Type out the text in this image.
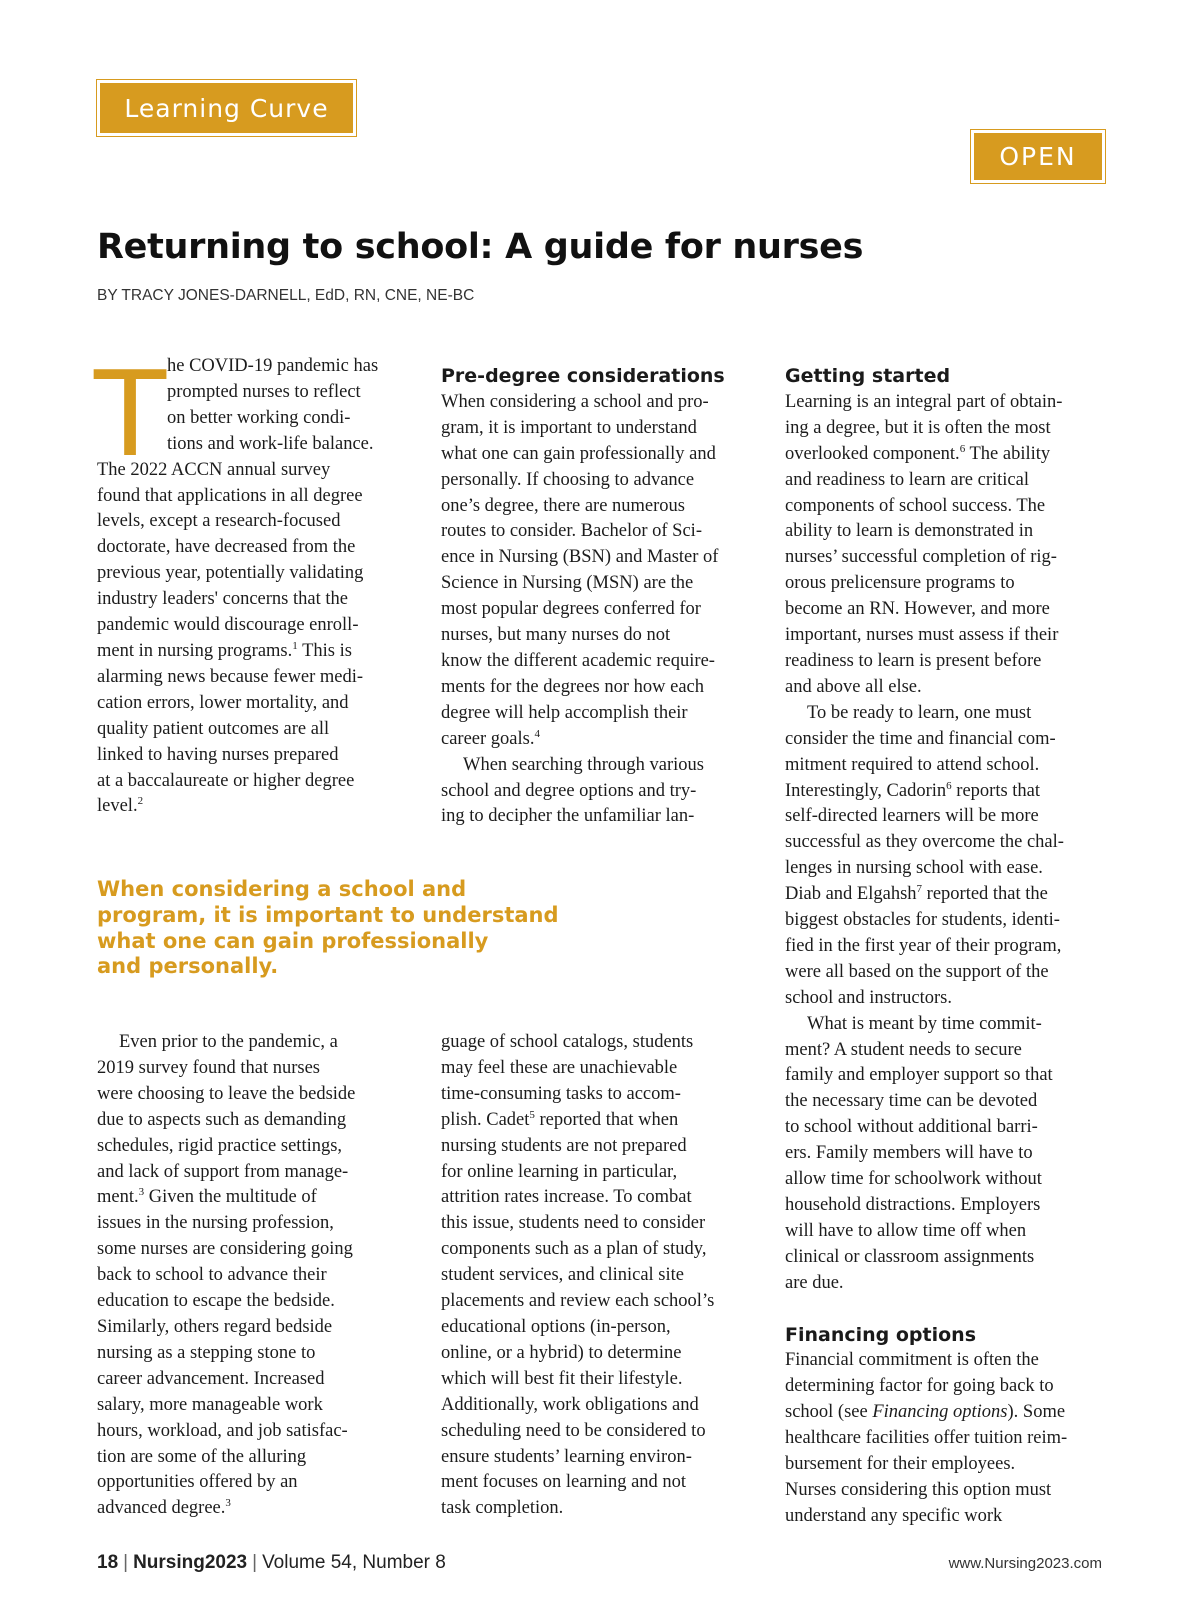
Learning Curve
OPEN
Returning to school: A guide for nurses
BY TRACY JONES-DARNELL, EdD, RN, CNE, NE-BC
T he COVID-19 pandemic has
prompted nurses to reflect
on better working condi-
tions and work-life balance.
The 2022 ACCN annual survey
found that applications in all degree
levels, except a research-focused
doctorate, have decreased from the
previous year, potentially validating
industry leaders' concerns that the
pandemic would discourage enroll-
ment in nursing programs.$^1$ This is
alarming news because fewer medi-
cation errors, lower mortality, and
quality patient outcomes are all
linked to having nurses prepared
at a baccalaureate or higher degree
level.$^2$
When considering a school and
program, it is important to understand
what one can gain professionally
and personally.
Even prior to the pandemic, a
2019 survey found that nurses
were choosing to leave the bedside
due to aspects such as demanding
schedules, rigid practice settings,
and lack of support from manage-
ment.$^3$ Given the multitude of
issues in the nursing profession,
some nurses are considering going
back to school to advance their
education to escape the bedside.
Similarly, others regard bedside
nursing as a stepping stone to
career advancement. Increased
salary, more manageable work
hours, workload, and job satisfac-
tion are some of the alluring
opportunities offered by an
advanced degree.$^3$
Pre-degree considerations
When considering a school and pro-
gram, it is important to understand
what one can gain professionally and
personally. If choosing to advance
one’s degree, there are numerous
routes to consider. Bachelor of Sci-
ence in Nursing (BSN) and Master of
Science in Nursing (MSN) are the
most popular degrees conferred for
nurses, but many nurses do not
know the different academic require-
ments for the degrees nor how each
degree will help accomplish their
career goals.$^4$
When searching through various
school and degree options and try-
ing to decipher the unfamiliar lan-
guage of school catalogs, students
may feel these are unachievable
time-consuming tasks to accom-
plish. Cadet$^5$ reported that when
nursing students are not prepared
for online learning in particular,
attrition rates increase. To combat
this issue, students need to consider
components such as a plan of study,
student services, and clinical site
placements and review each school’s
educational options (in-person,
online, or a hybrid) to determine
which will best fit their lifestyle.
Additionally, work obligations and
scheduling need to be considered to
ensure students’ learning environ-
ment focuses on learning and not
task completion.
Getting started
Learning is an integral part of obtain-
ing a degree, but it is often the most
overlooked component.$^6$ The ability
and readiness to learn are critical
components of school success. The
ability to learn is demonstrated in
nurses’ successful completion of rig-
orous prelicensure programs to
become an RN. However, and more
important, nurses must assess if their
readiness to learn is present before
and above all else.
To be ready to learn, one must
consider the time and financial com-
mitment required to attend school.
Interestingly, Cadorin$^6$ reports that
self-directed learners will be more
successful as they overcome the chal-
lenges in nursing school with ease.
Diab and Elgahsh$^7$ reported that the
biggest obstacles for students, identi-
fied in the first year of their program,
were all based on the support of the
school and instructors.
What is meant by time commit-
ment? A student needs to secure
family and employer support so that
the necessary time can be devoted
to school without additional barri-
ers. Family members will have to
allow time for schoolwork without
household distractions. Employers
will have to allow time off when
clinical or classroom assignments
are due.
Financing options
Financial commitment is often the
determining factor for going back to
school (see Financing options). Some
healthcare facilities offer tuition reim-
bursement for their employees.
Nurses considering this option must
understand any specific work
18 | Nursing2023 | Volume 54, Number 8	www.Nursing2023.com
